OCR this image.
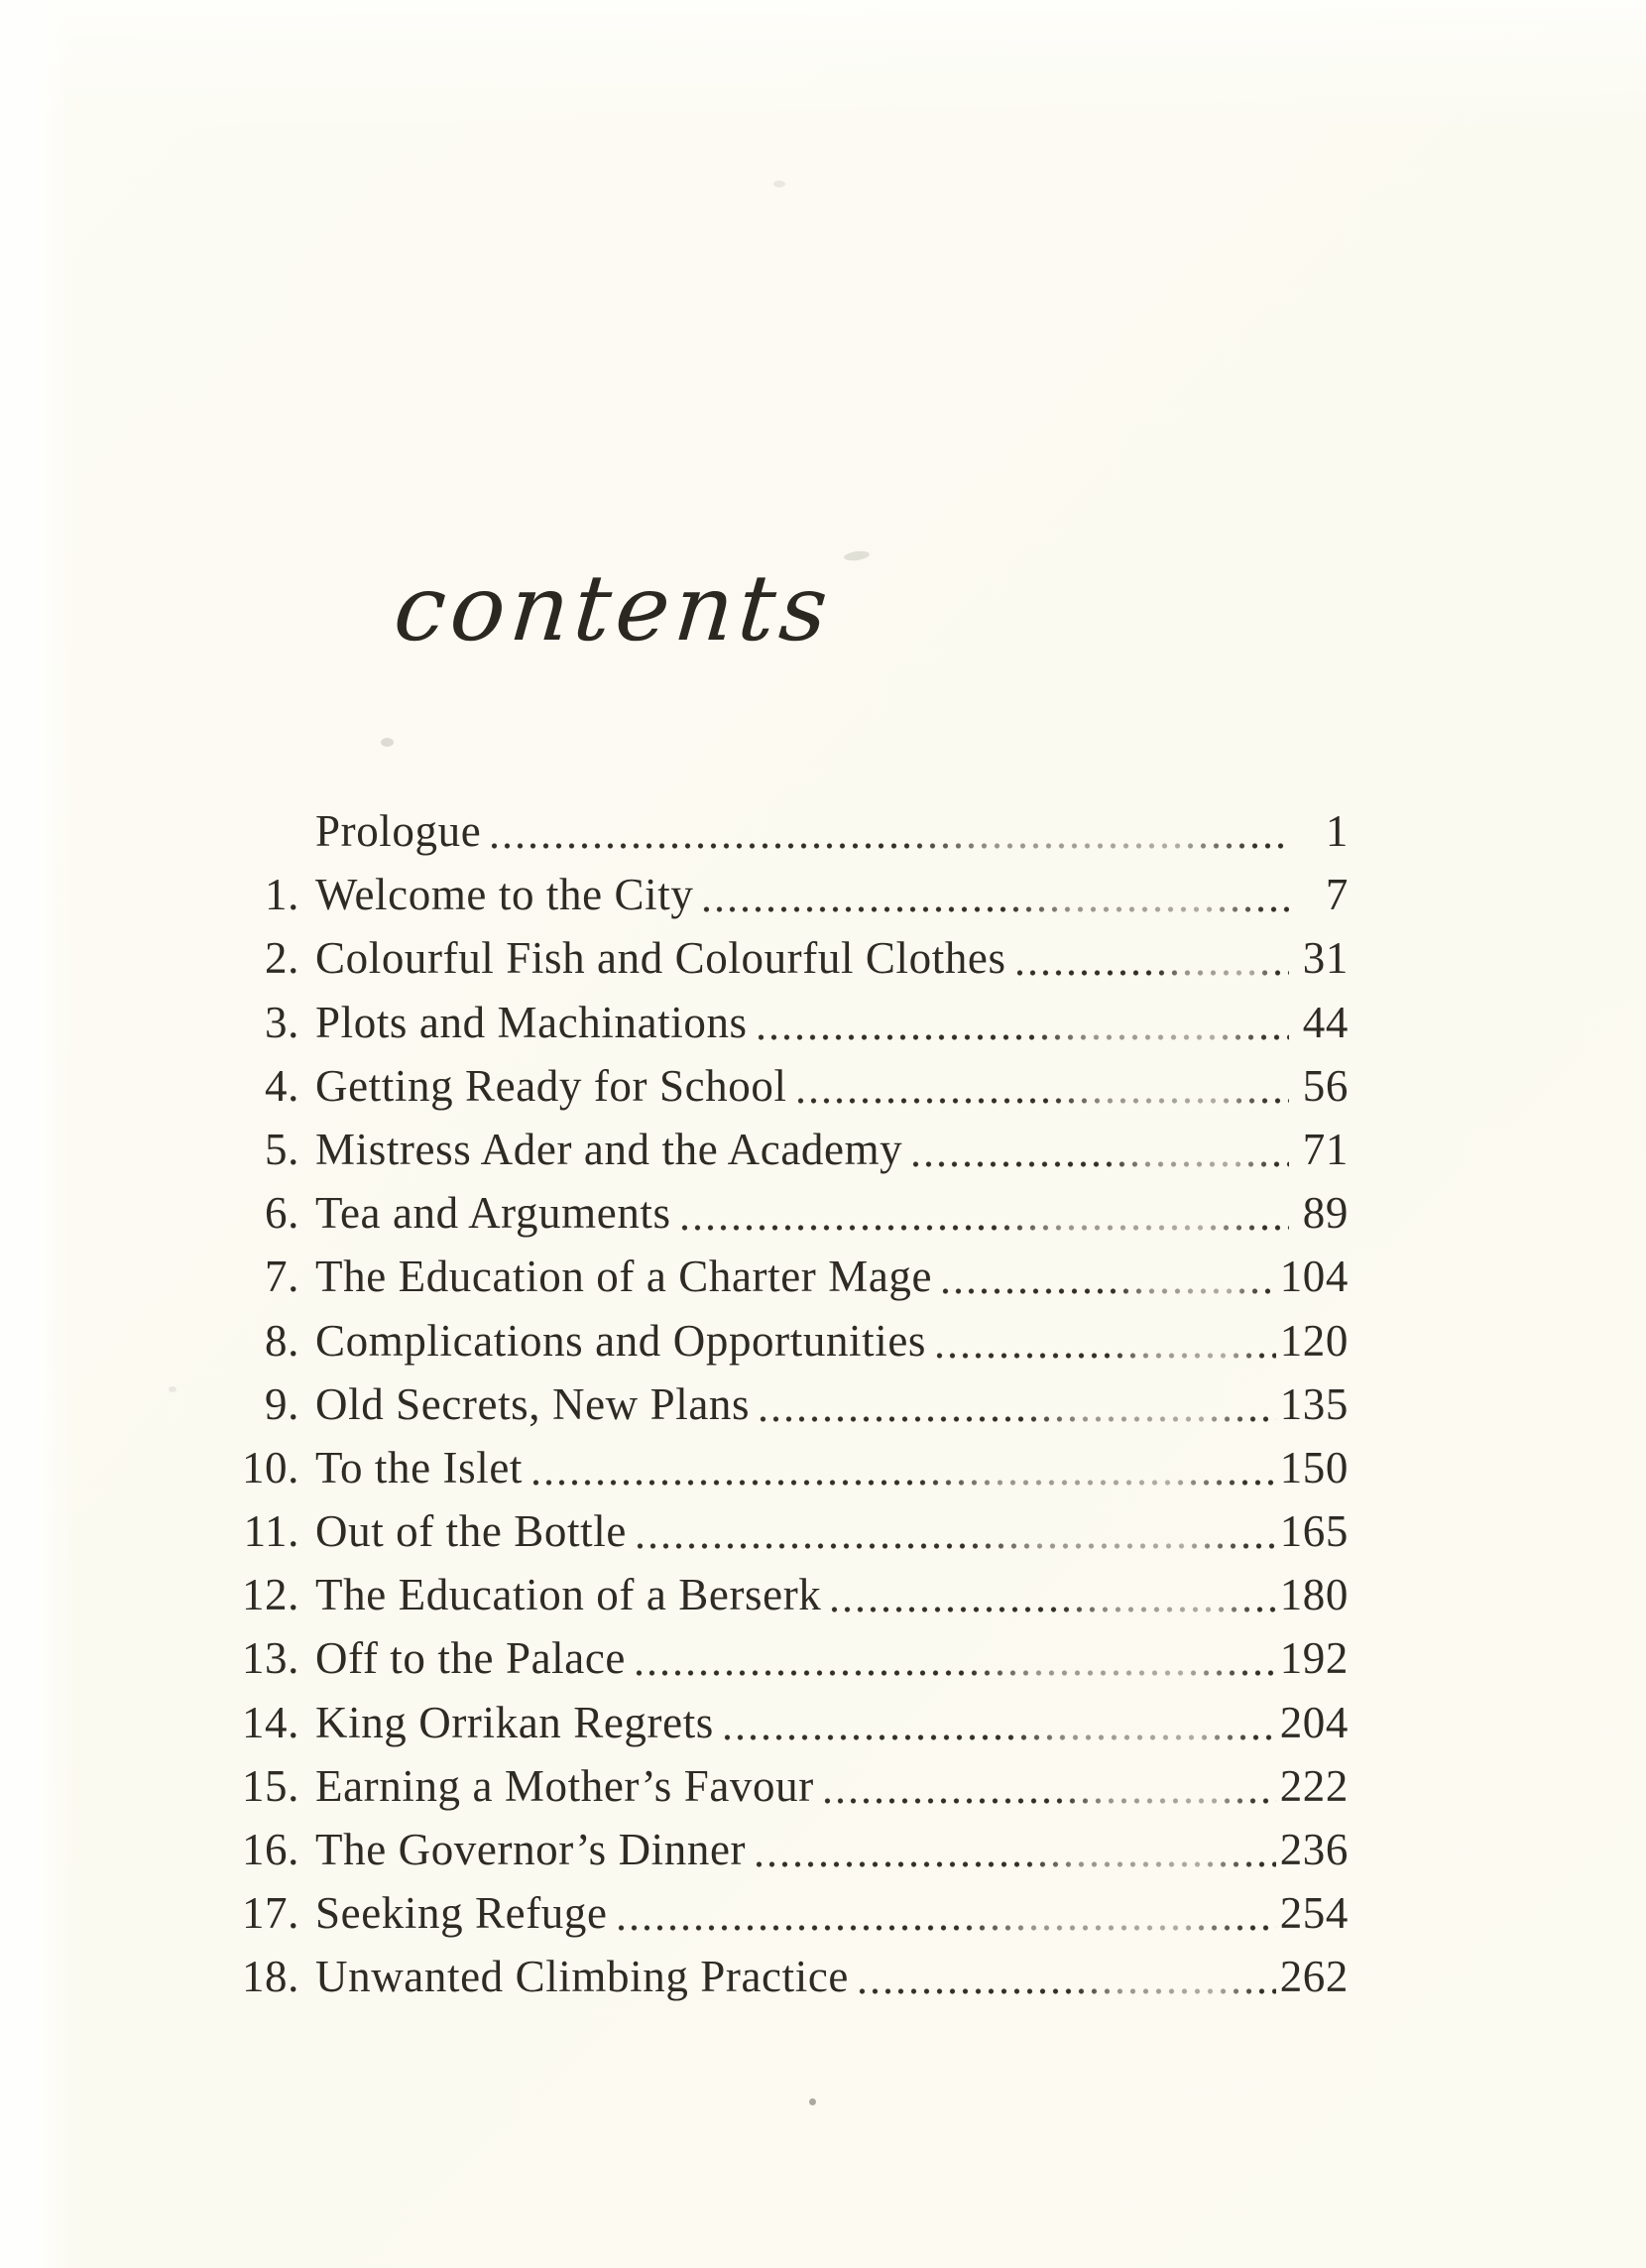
contents
Prologue	1
1. Welcome to the City	7
2. Colourful Fish and Colourful Clothes	31
3. Plots and Machinations	44
4. Getting Ready for School	56
5. Mistress Ader and the Academy	71
6. Tea and Arguments	89
7. The Education of a Charter Mage	104
8. Complications and Opportunities	120
9. Old Secrets, New Plans	135
10. To the Islet	150
11. Out of the Bottle	165
12. The Education of a Berserk	180
13. Off to the Palace	192
14. King Orrikan Regrets	204
15. Earning a Mother’s Favour	222
16. The Governor’s Dinner	236
17. Seeking Refuge	254
18. Unwanted Climbing Practice	262
